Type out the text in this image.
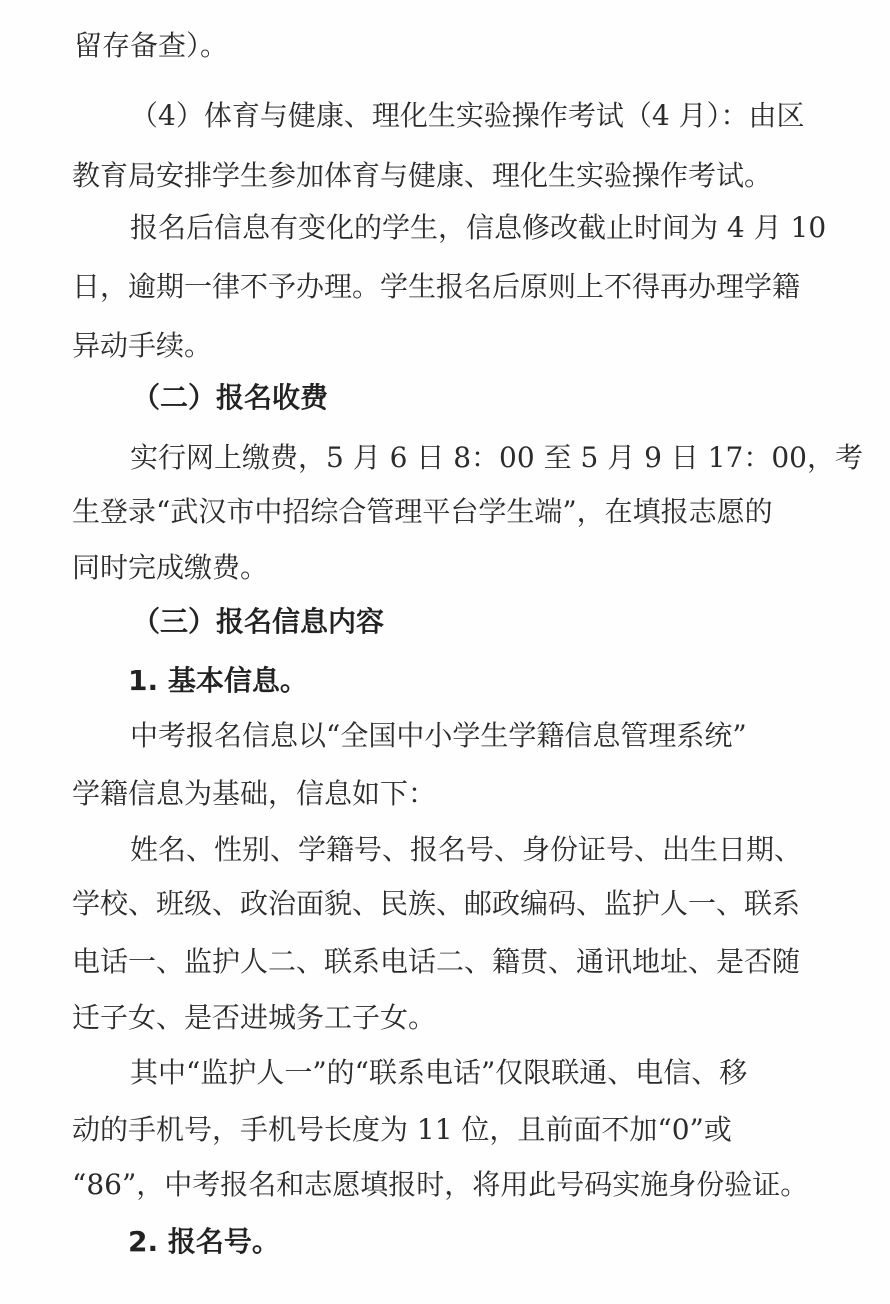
留存备查）。
（4）体育与健康、理化生实验操作考试（4 月）：由区
教育局安排学生参加体育与健康、理化生实验操作考试。
报名后信息有变化的学生，信息修改截止时间为 4 月 10
日，逾期一律不予办理。学生报名后原则上不得再办理学籍
异动手续。
（二）报名收费
实行网上缴费，5 月 6 日 8：00 至 5 月 9 日 17：00，考
生登录“武汉市中招综合管理平台学生端”，在填报志愿的
同时完成缴费。
（三）报名信息内容
1. 基本信息。
中考报名信息以“全国中小学生学籍信息管理系统”
学籍信息为基础，信息如下：
姓名、性别、学籍号、报名号、身份证号、出生日期、
学校、班级、政治面貌、民族、邮政编码、监护人一、联系
电话一、监护人二、联系电话二、籍贯、通讯地址、是否随
迁子女、是否进城务工子女。
其中“监护人一”的“联系电话”仅限联通、电信、移
动的手机号，手机号长度为 11 位，且前面不加“0”或
“86”，中考报名和志愿填报时，将用此号码实施身份验证。
2. 报名号。
